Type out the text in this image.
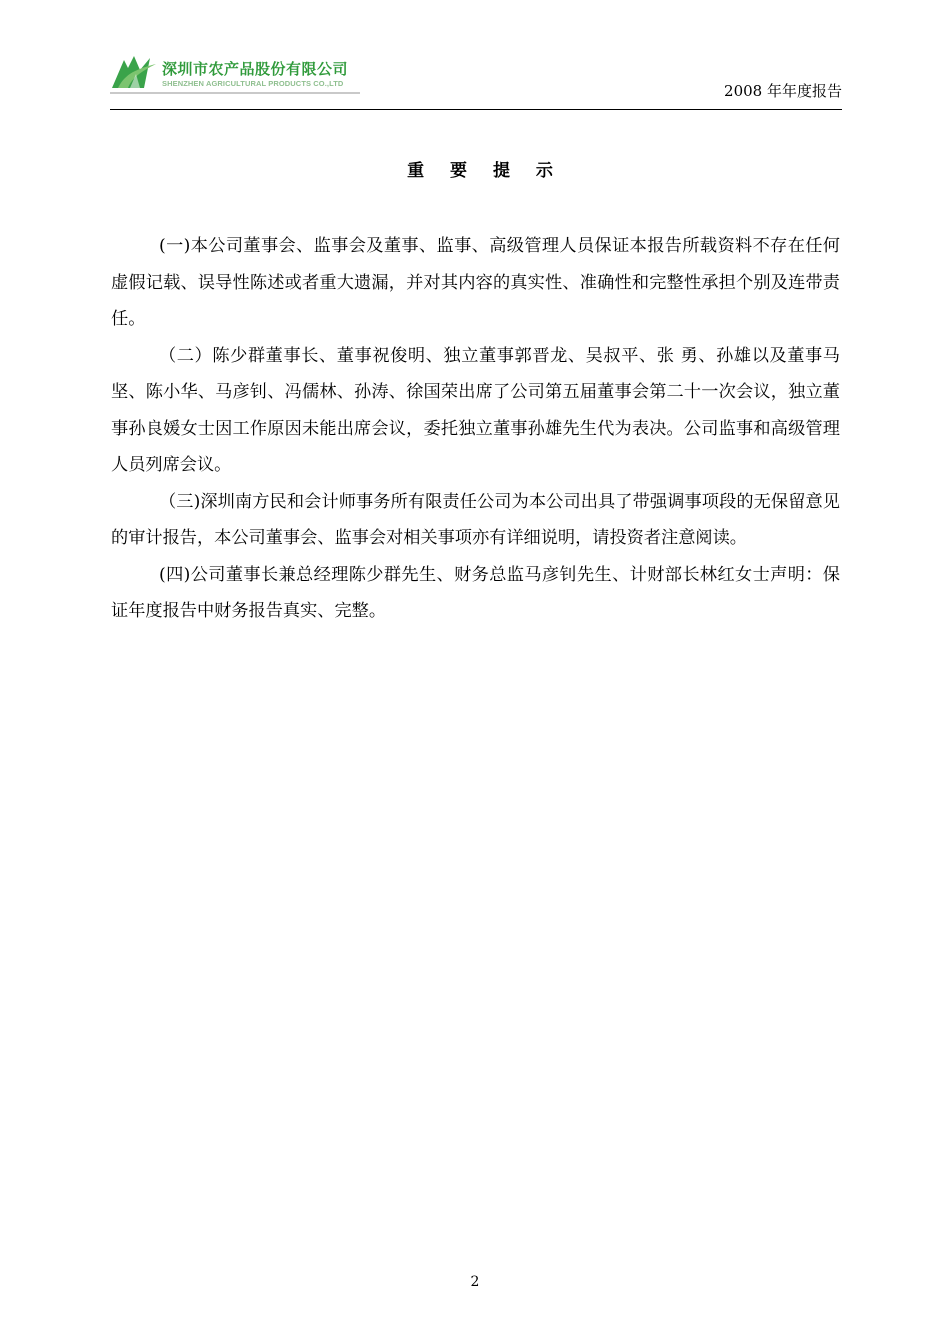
深圳市农产品股份有限公司
SHENZHEN AGRICULTURAL PRODUCTS CO.,LTD	2008 年年度报告
重 要 提 示

(一)本公司董事会、监事会及董事、监事、高级管理人员保证本报告所载资料不存在任何虚假记载、误导性陈述或者重大遗漏，并对其内容的真实性、准确性和完整性承担个别及连带责任。

（二）陈少群董事长、董事祝俊明、独立董事郭晋龙、吴叔平、张 勇、孙雄以及董事马坚、陈小华、马彦钊、冯儒林、孙涛、徐国荣出席了公司第五届董事会第二十一次会议，独立董事孙良媛女士因工作原因未能出席会议，委托独立董事孙雄先生代为表决。公司监事和高级管理人员列席会议。

（三)深圳南方民和会计师事务所有限责任公司为本公司出具了带强调事项段的无保留意见的审计报告，本公司董事会、监事会对相关事项亦有详细说明，请投资者注意阅读。

(四)公司董事长兼总经理陈少群先生、财务总监马彦钊先生、计财部长林红女士声明：保证年度报告中财务报告真实、完整。

2
